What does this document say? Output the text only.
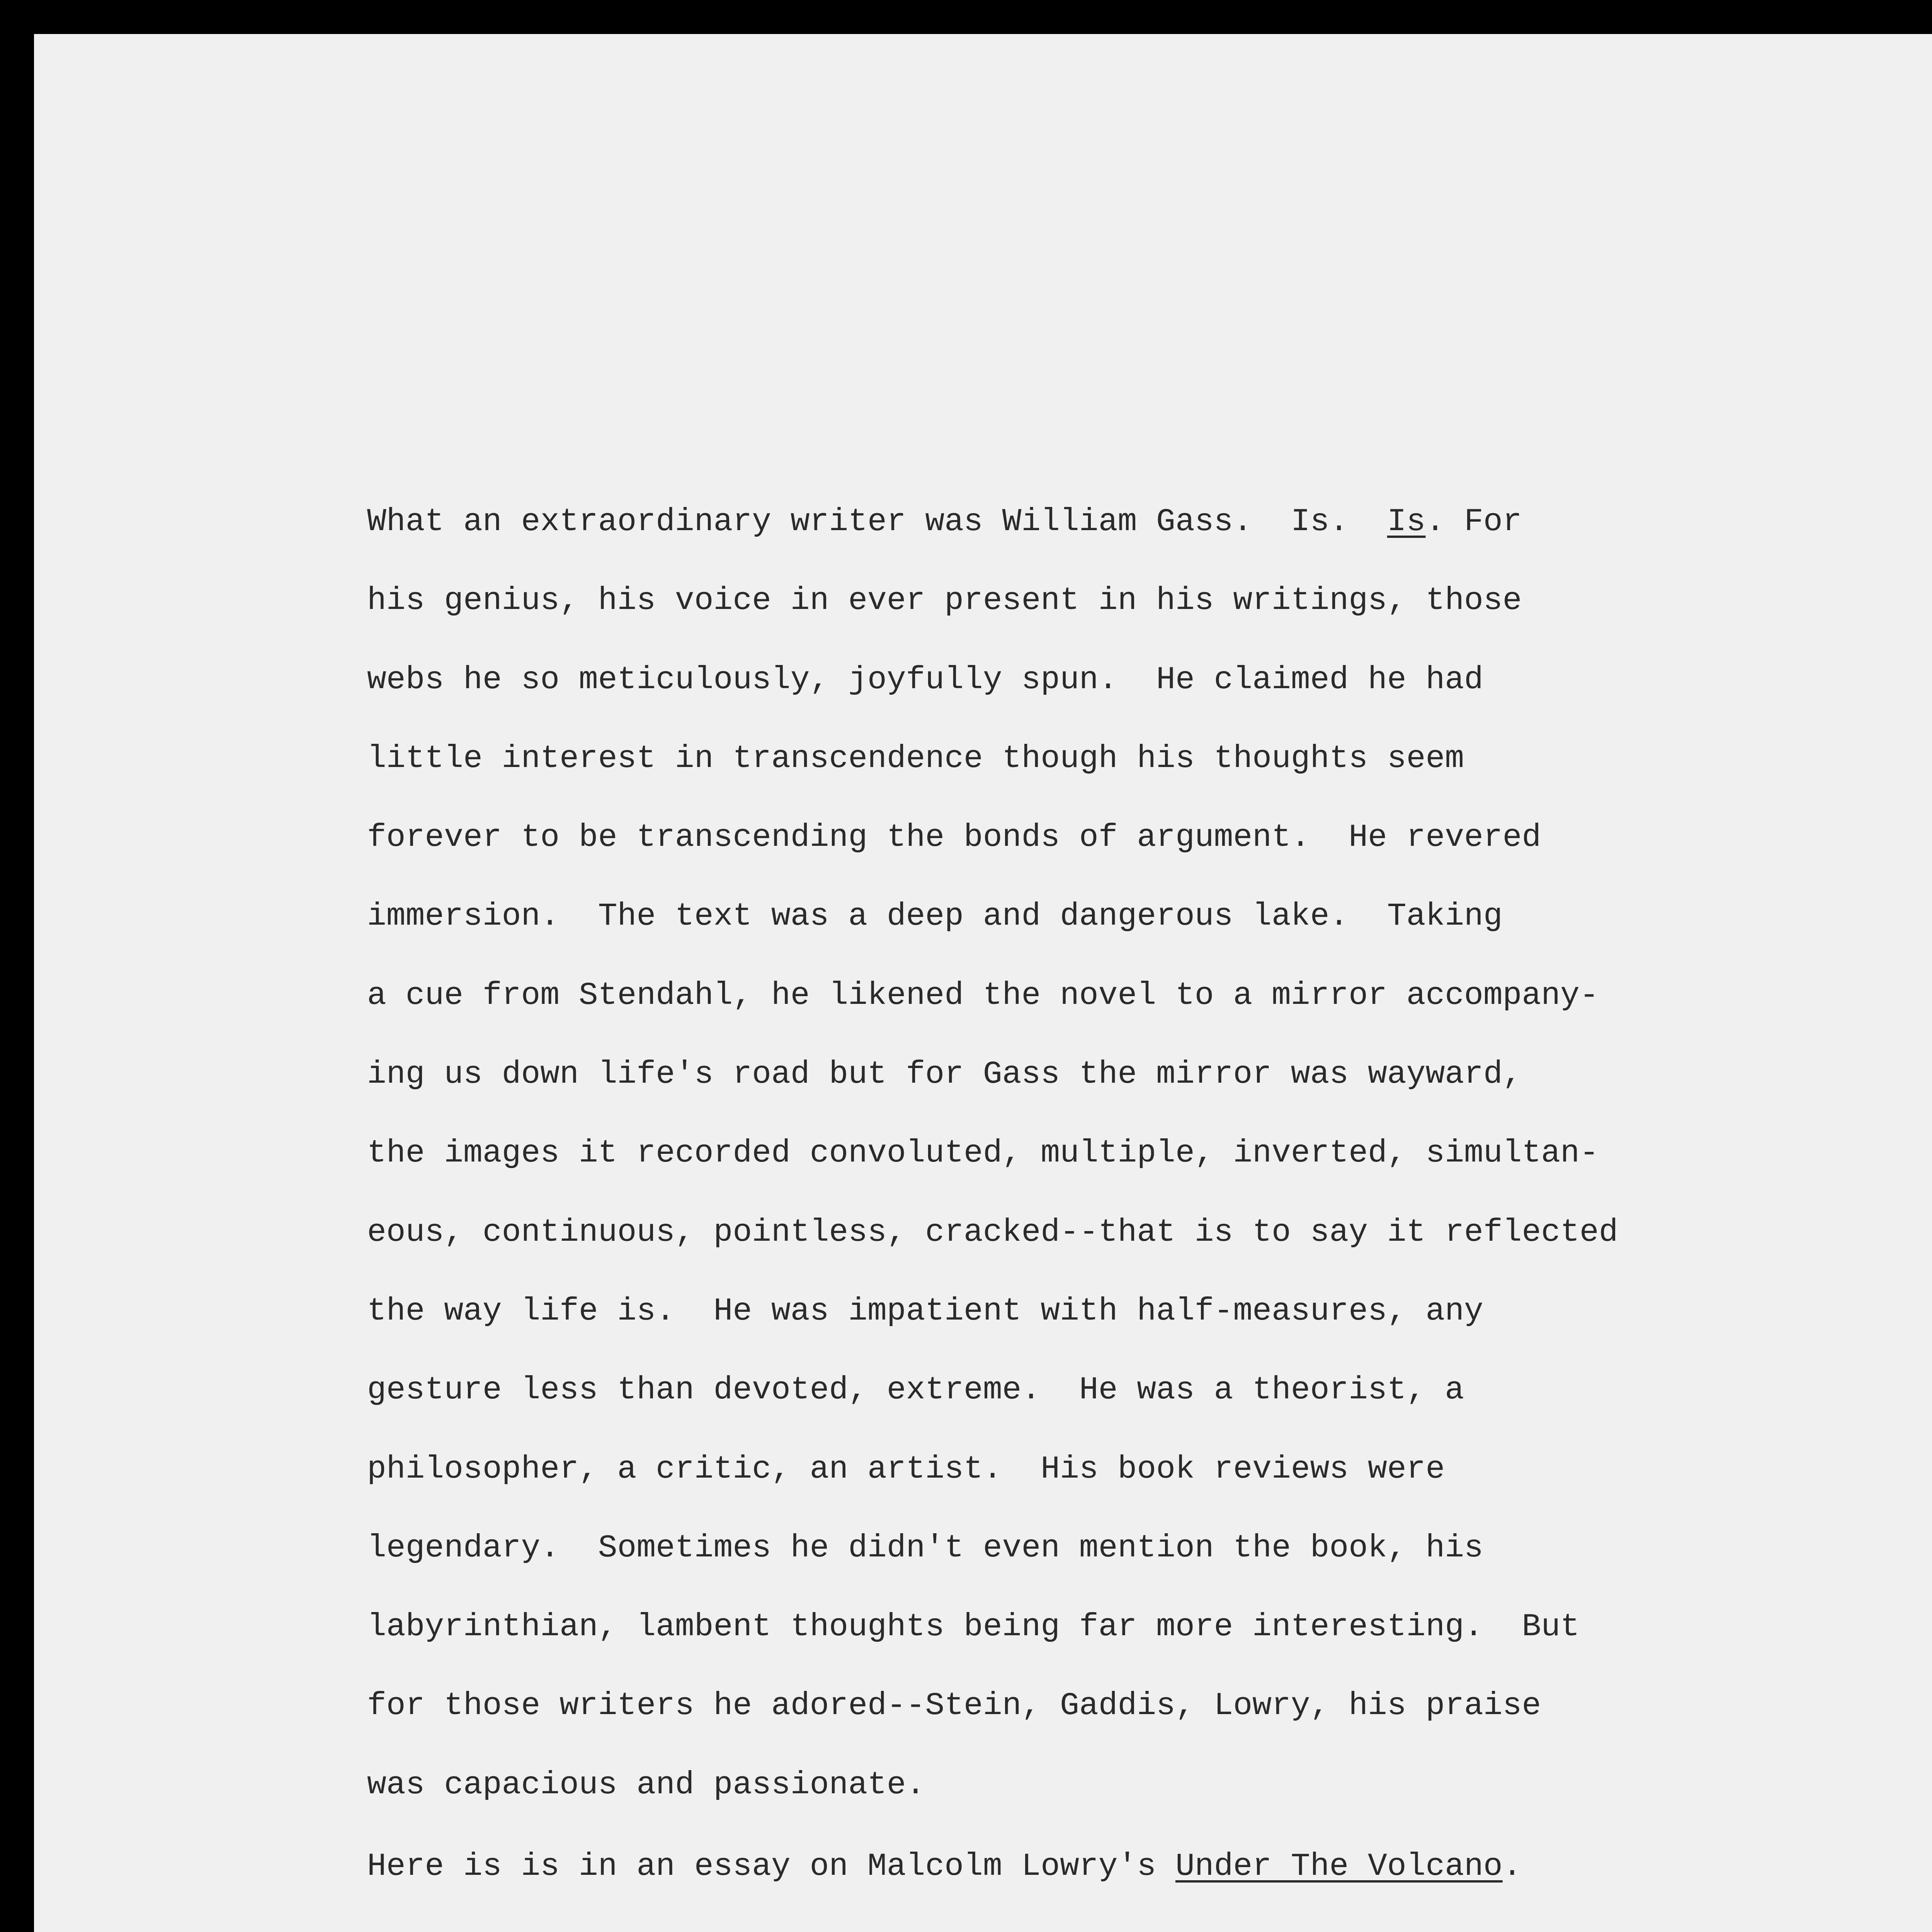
What an extraordinary writer was William Gass.  Is.  Is. For
his genius, his voice in ever present in his writings, those
webs he so meticulously, joyfully spun.  He claimed he had
little interest in transcendence though his thoughts seem
forever to be transcending the bonds of argument.  He revered
immersion.  The text was a deep and dangerous lake.  Taking
a cue from Stendahl, he likened the novel to a mirror accompany-
ing us down life's road but for Gass the mirror was wayward,
the images it recorded convoluted, multiple, inverted, simultan-
eous, continuous, pointless, cracked--that is to say it reflected
the way life is.  He was impatient with half-measures, any
gesture less than devoted, extreme.  He was a theorist, a
philosopher, a critic, an artist.  His book reviews were
legendary.  Sometimes he didn't even mention the book, his
labyrinthian, lambent thoughts being far more interesting.  But
for those writers he adored--Stein, Gaddis, Lowry, his praise
was capacious and passionate.
Here is is in an essay on Malcolm Lowry's Under The Volcano.
